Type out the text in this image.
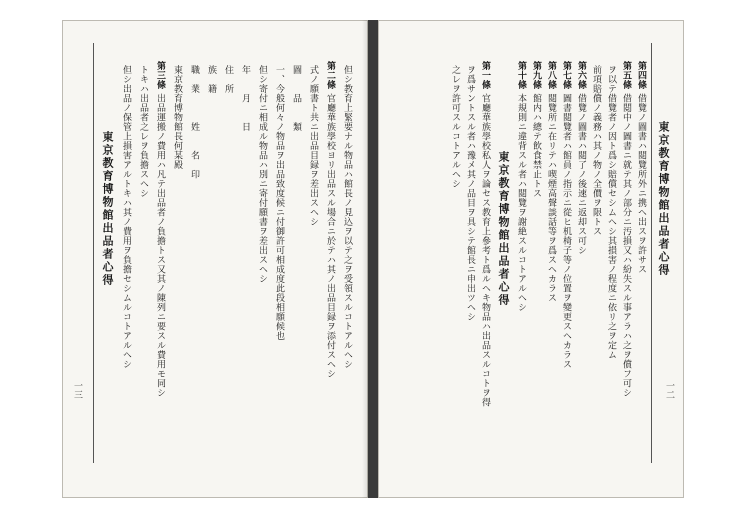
一三
但シ教育上緊要ナル物品ハ館長ノ見込ヲ以テ之ヲ受領スルコトアルヘシ
第二條官廳華族學校ヨリ出品スル場合ニ於テハ其ノ出品目録ヲ添付スヘシ
式ノ願書ト共ニ出品目録ヲ差出スヘシ
圖　　品　　類
一、今般何々ノ物品ヲ出品致度候ニ付御許可相成度此段相願候也
但シ寄付ニ相成ル物品ハ別ニ寄付願書ヲ差出スヘシ
年　　月　　日
住　所
族　籍
職　業　　　姓　　名　印
東京教育博物館長何某殿
第三條出品運搬ノ費用ハ凡テ出品者ノ負擔トス又其ノ陳列ニ要スル費用モ同シ
トキハ出品者之レヲ負擔スヘシ
但シ出品ノ保管上損害アルトキハ其ノ費用ヲ負擔セシムルコトアルヘシ
東京教育博物館出品者心得	東京教育博物館出品者心得
第四條借覽ノ圖書ハ閲覽所外ニ携ヘ出スヲ許サス
第五條借閲中ノ圖書ニ就テ其ノ部分ニ汚損又ハ紛失スル事アラハ之ヲ償フ可シ
ヲ以テ借覽者ノ因ト爲シ賠償セシムヘシ其損害ノ程度ニ依リ之ヲ定ム
前項賠償ノ義務ハ其ノ物ノ全價ヲ限トス
第六條借覽ノ圖書ハ閲了ノ後速ニ返却ス可シ
第七條圖書閲覽者ハ館員ノ指示ニ從ヒ机椅子等ノ位置ヲ變更スヘカラス
第八條閲覽所ニ在リテハ喫煙高聲談話等ヲ爲スヘカラス
第九條館内ハ總テ飲食禁止トス
第十條本規則ニ違背スル者ハ閲覽ヲ謝絶スルコトアルヘシ
東京教育博物館出品者心得
第一條官廳華族學校私人ヲ論セス教育上參考ト爲ルヘキ物品ハ出品スルコトヲ得
ヲ爲サントスル者ハ豫メ其ノ品目ヲ具シテ館長ニ申出ツヘシ
之レヲ許可スルコトアルヘシ
一二
